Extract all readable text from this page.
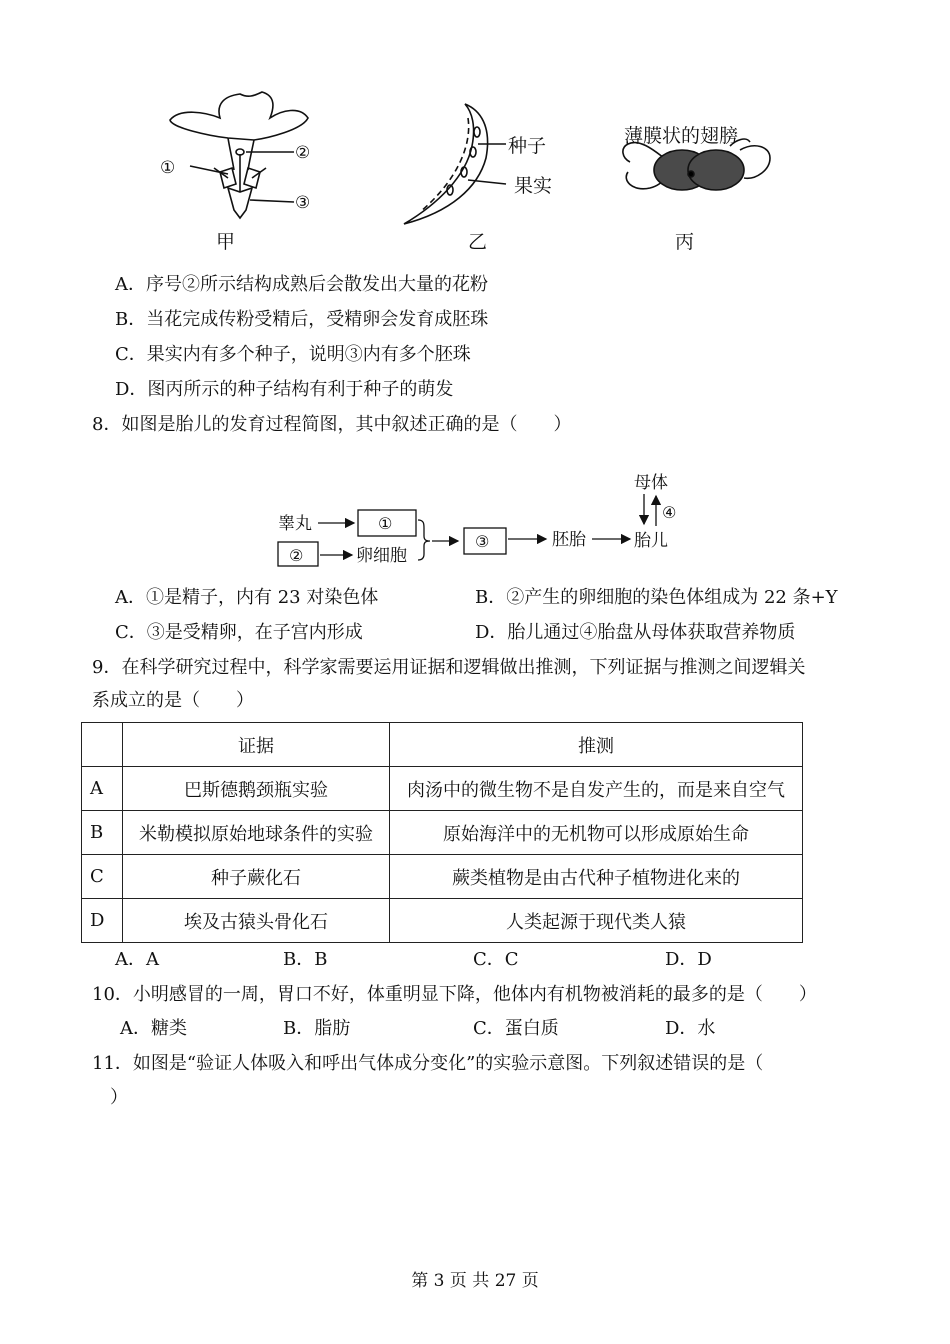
①
②
③
种子
果实
薄膜状的翅膀
甲	乙	丙
A．序号②所示结构成熟后会散发出大量的花粉
B．当花完成传粉受精后，受精卵会发育成胚珠
C．果实内有多个种子，说明③内有多个胚珠
D．图丙所示的种子结构有利于种子的萌发
8．如图是胎儿的发育过程简图，其中叙述正确的是（　　）
睾丸	①
②	卵细胞
③	胚胎
母体
胎儿
④
A．①是精子，内有 23 对染色体	B．②产生的卵细胞的染色体组成为 22 条+Y
C．③是受精卵，在子宫内形成	D．胎儿通过④胎盘从母体获取营养物质
9．在科学研究过程中，科学家需要运用证据和逻辑做出推测，下列证据与推测之间逻辑关
系成立的是（　　）
	证据	推测
A	巴斯德鹅颈瓶实验	肉汤中的微生物不是自发产生的，而是来自空气
B	米勒模拟原始地球条件的实验	原始海洋中的无机物可以形成原始生命
C	种子蕨化石	蕨类植物是由古代种子植物进化来的
D	埃及古猿头骨化石	人类起源于现代类人猿
A．A	B．B	C．C	D．D
10．小明感冒的一周，胃口不好，体重明显下降，他体内有机物被消耗的最多的是（　　）
A．糖类	B．脂肪	C．蛋白质	D．水
11．如图是“验证人体吸入和呼出气体成分变化”的实验示意图。下列叙述错误的是（
）
第 3 页 共 27 页
